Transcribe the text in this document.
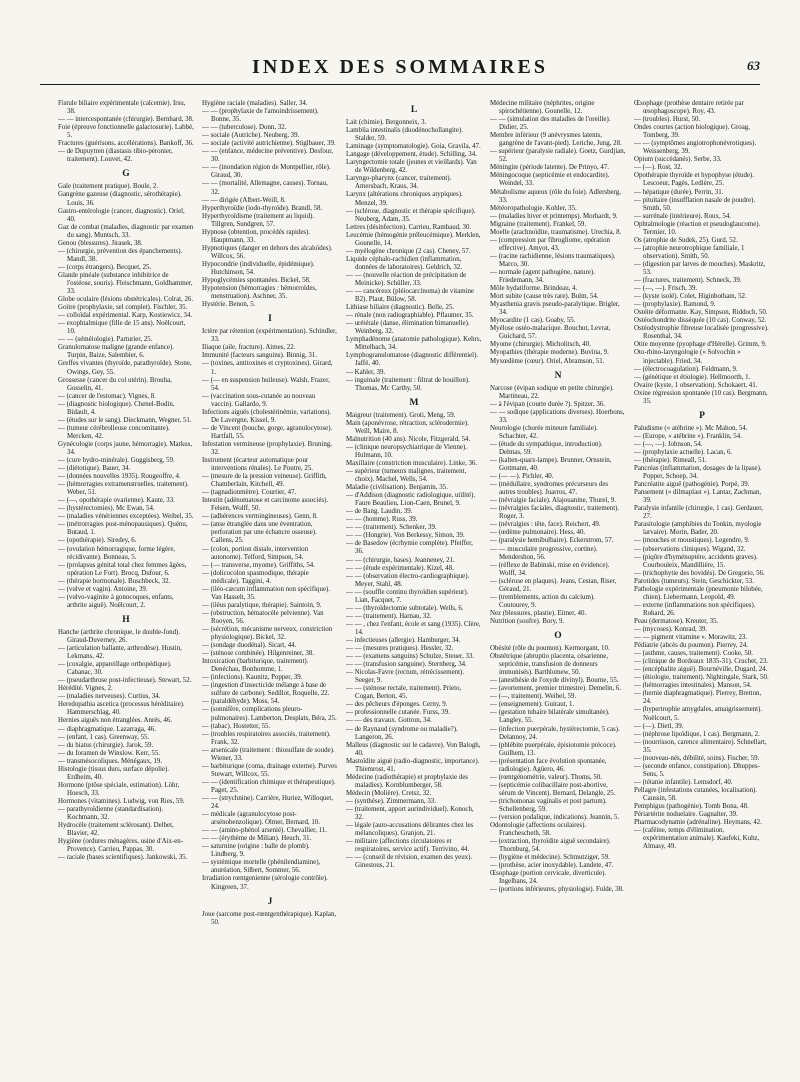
INDEX DES SOMMAIRES	63
Fistule biliaire expérimentale (calcemie). Irsu, 38.
— — intercespontanée (chirurgie). Bernhard, 38.
Foie (épreuve fonctionnelle galactosurie). Labbé, 5.
Fractures (guérisons, accélérations). Bankoff, 36.
— de Dupuytren (diastasis tibio-péronier, traitement). Louvet, 42.
G
Gale (traitement pratique). Boule, 2.
Gangrène gazeuse (diagnostic, sérothérapie). Louis, 36.
Gastro-entérologie (cancer, diagnostic). Oriel, 40.
Gaz de combat (maladies, diagnostic par examen du sang). Muntsch, 33.
Genou (blessures). Jirasek, 38.
— (chirurgie, prévention des épanchements). Mandl, 38.
— (corps étrangers). Becquet, 25.
Glande pinéale (substance inhibitrice de l'ostéose, souris). Fleischmann, Goldhammer, 33.
Globe oculaire (lésions obstétricales). Colrat, 26.
Goitre (prophylaxie, sel complet). Fischler, 35.
— colloïdal expérimental. Karp, Kostiewicz, 34.
— exophtalmique (fille de 15 ans). Noëlcourt, 10.
— — (séméiologie). Parturier, 25.
Granulomatose maligne (grande enfance). Turpin, Baize, Salembier, 6.
Greffes vivantes (thyroïde, parathyroïde). Stone, Owings, Gey, 55.
Grossesse (cancer du col utérin). Brouha, Gosselin, 41.
— (cancer de l'estomac). Vignes, 8.
— (diagnostic biologique). Chenel-Bodin, Bidault, 4.
— (études sur le sang). Dieckmann, Wegner, 51.
— (tumeur cérébrolleuse concomitante). Mercken, 42.
Gynécologie (corps jaune, hémorragie). Markus, 34.
— (cure hydro-minérale). Guggisberg, 59.
— (diétotique). Bauer, 34.
— (données nouvelles 1935). Rougeoffre, 4.
— (hémorragies extramenstruelles, traitement). Weber, 51.
— (—, opothérapie ovarienne). Kaute, 33.
— (hystérectomies). Mc Ewan, 54.
— (maladies vénériennes exceptées). Weibel, 35.
— (métrorragies post-ménopausiques). Quénu, Butaud, 1.
— (opothérapie). Siredey, 6.
— (ovulation hémorragique, forme légère, récidivante). Bonneau, 5.
— (prolapsus génital total chez femmes âgées, opération Le Fort). Brocq, Dufour, 6.
— (thérapie hormonale). Buschbeck, 32.
— (vulve et vagin). Antoine, 39.
— (vulvo-vaginite à gonocoques, enfants, arthrite aiguë). Noëlcourt, 2.
H
Hanche (arthrite chronique, le double-fond). Giraud-Duverney, 26.
— (articulation ballante, arthrodèse). Hustin, Lekmans, 42.
— (coxalgie, appareillage orthopédique). Cabanac, 30.
— (pseudarthrose post-infectieuse). Stewart, 52.
Hérédité. Vignes, 2.
— (maladies nerveuses). Curtius, 34.
Heredopathia ascetica (processus héréditaire). Hammerschlag, 40.
Hernies aiguës non étranglées. Anrés, 46.
— diaphragmatique. Lazarraga, 46.
— (enfant, 1 cas). Greenway, 55.
— du hiatus (chirurgie). Jarok, 59.
— du foramen de Winslow. Kerr, 55.
— transmésocoliques. Ménégaux, 19.
Histologie (tissus durs, surface dépolie). Erdheim, 40.
Hormone (ptôse spéciale, estimation). Löhr, Hoesch, 33.
Hormones (vitamines). Ludwig, von Ries, 59.
— parathyroïdienne (standardisation). Kochmann, 32.
Hydrocèle (traitement sclérosant). Delbet, Blavier, 42.
Hygiène (ordures ménagères, usine d'Aix-en-Provence). Carrieu, Pappas, 30.
— raciale (bases scientifiques). Jankowski, 35.
Hygiène raciale (maladies). Saller, 34.
— — (prophylaxie de l'amoindrissement). Bonne, 35.
— — (tuberculose). Donn, 32.
— sociale (Autriche). Neuberg, 39.
— sociale (activité autrichienne). Stiglbauer, 39.
— — (enfance, médecine préventive). Desfour, 30.
— — (inondation région de Montpellier, rôle). Giraud, 30.
— — (mortalité, Allemagne, causes). Tornau, 32.
— — dirigée (Albert-Weill, 8.
Hyperthyroïdie (iodo-thyroïde). Brandl, 58.
Hyperthyroïdisme (traitement au liquid). Tillgren, Sundgren, 57.
Hypnose (obtention, procédés rapides). Hauptmann, 33.
Hypnotiques (danger en dehors des alcaloïdes). Willcox, 56.
Hypocondrie (individuelle, épidémique). Hutchinson, 54.
Hypoglycémies spontanées. Bickel, 58.
Hypotension (hémorragies : hémorroïdes, menstruation). Aschner, 35.
Hystérie. Benon, 5.
I
Ictère par rétention (expérimentation). Schindler, 33.
Iliaque (aile, fracture). Aimes, 22.
Immunité (facteurs sanguins). Binnig, 31.
— (toxines, antitoxines et cryptoxines). Girard, 1.
— (— en suspension huileuse). Walsh, Frazer, 54.
— (vaccination sous-cutanée au nouveau vaccin). Gallardo, 9.
Infections aiguës (cholestérinémie, variations). De Lavergne, Kissel, 9.
— de Vincent (bouche, gorge, agranulocytose). Hartfall, 55.
Infestation vermineuse (prophylaxie). Bruning, 32.
Instrument (écarteur automatique pour interventions rénales). Le Poutre, 25.
— (mesure de la pression veineuse). Griffith, Chamberlain, Kitchell, 49.
— (tagnadionmètre). Courtier, 47.
Intestin (adénomatose et carcinome associés). Felsen, Wolff, 50.
— (adhérences vermingineuses). Genn, 8.
— (anse étranglée dans une éventration, perforation par une échancre osseuse). Callens, 25.
— (colon, portion distale, intervention autonome). Telford, Simpson, 54.
— (— transverse, myome). Griffiths, 54.
— (dolicocolon spasmodique, thérapie médicale). Taggini, 4.
— (iléo-cæcum inflammation non spécifique). Van Hasselt, 35.
— (iléus paralytique, thérapie). Saintoin, 9.
— (obstruction, hématocèle pelvienne). Van Rooyen, 56.
— (sécrétion, mécanisme nerveux, constriction physiologique). Bickel, 32.
— (sondage duodénal). Sicart, 44.
— (sténose combinée). Hilgenreiner, 38.
Intoxication (barbiturique, traitement). Denéchau, Bonhomme, 1.
— (infections). Kaunitz, Popper, 39.
— (ingestion d'insecticide mélange à base de sulfure de carbone). Sedillot, Roquelle, 22.
— (paraldéhyde). Moss, 54.
— (sonnifère, complications pleuro-pulmonaires). Lamberton, Desplats, Béra, 25.
— (tabac). Hostetter, 55.
— (troubles respiratoires associés, traitement). Frank, 32.
— arsenicale (traitement : thiosulfate de soude). Wiener, 33.
— barbiturique (coma, drainage externe). Purves Stewart, Willcox, 55.
— — (identification chimique et thérapeutique). Paget, 25.
— — (strychnine). Carrière, Huriez, Willoquet, 24.
— médicale (agranulocytose post-arsénobenzolique). Olmer, Bernard, 10.
— — (amino-phénol arsenié). Chevallier, 11.
— — (érythème de Milian). Heuch, 31.
— saturnine (origine : balle de plomb). Lindberg, 9.
— systémique mortelle (phénilendiamine), anuréation, Silbert, Sommer, 56.
Irradiation rœntgenienne (sérologie contrôle). Kingreen, 37.
J
Joue (sarcome post-rœntgenthérapique). Kaplan, 50.
L
Lait (chimie). Bergonneix, 3.
Lamblia intestinalis (duodénochollangite). Stalder, 59.
Laminage (symptomatologie). Goia, Gravila, 47.
Langage (développement, étude). Schilling, 34.
Laryngectomie totale (jeunes et vieillards). Van de Wildenberg, 42.
Laryngo-pharynx (cancer, traitement). Amersbach, Kraus, 34.
Larynx (altérations chroniques atypiques). Menzel, 39.
— (sclérose, diagnostic et thérapie spécifique). Neuberg, Adam, 35.
Lettres (désinfection). Carrieu, Rambaud, 30.
Leucémie (hémogénie préleucémique). Merklen, Gounelle, 14.
— myélogène chronique (2 cas). Cheney, 57.
Liquide céphalo-rachidien (inflammation, données de laboratoires). Geldrich, 32.
— — (nouvelle réaction de précipitation de Meinicke). Schüller, 33.
— — cancéreux (pléiocarcinoma) de vitamine B2). Plaut, Bülow, 58.
Lithiase biliaire (diagnostic). Belle, 25.
— rénale (non radiographiable). Pflaumer, 35.
— urétérale (danse, élimination bimanuelle). Weinberg, 32.
Lymphadénome (anatomie pathologique). Kehrs, Mittelbach, 34.
Lymphogranulomatose (diagnostic différentiel). Jaffé, 40.
— Kahler, 39.
— inguinale (traitement : filtrat de bouillon). Thomas, Mc Carthy, 50.
M
Maigreur (traitement). Groti, Meng, 59.
Main (aponévrose, rétraction, sclérodermie). Weill, Maire, 8.
Malnutrition (40 ans). Nicole, Fitzgerald, 54.
— (clinique neuropsychiatrique de Vienne). Hulmann, 10.
Maxillaire (constriction musculaire). Linke, 36.
— supérieur (tumeurs malignes, traitement, choix). Machel, Wells, 54.
Maladie (civilisation). Benjamin, 35.
— d'Addison (diagnostic radiologique, utilité). Faure Beaulieu, Lion-Caen, Brunel, 9.
— de Bang. Laudin, 39.
— — (homme). Russ, 39.
— — (traitement). Schenker, 39.
— — (Hongrie). Von Berkessy, Simon, 39.
— de Basedow (écrhymie complète). Pfeiffer, 36.
— — (chirurgie, bases). Jeanneney, 21.
— — (étude expérimentale). Kizel, 48.
— — (observation électro-cardiographique). Meyer, Stahl, 48.
— — (souffle continu thyroïdien supérieur). Lian, Facquet, 7.
— — (thyroïdectomie subtotale). Wells, 6.
— — (traitement). Harnau, 32.
— — , chez l'enfant, école et sang (1935). Clère, 14.
— infectieuses (allergie). Hamburger, 34.
— — (mesures pratiques). Hessler, 32.
— — (examens sanguins) Schulze, Steuer, 33.
— — (transfusion sanguine). Sternberg, 34.
— Nicolas-Favre (rectum, rétrécissement). Seeger, 9.
— — (sténose rectale, traitement). Prieto, Cogan, Berton, 45.
— des pêcheurs d'éponges. Cerny, 9.
— professionnelle cutanée. Furss, 39.
— — des travaux. Gottron, 34.
— de Raynaud (syndrome ou maladie?). Langeron, 26.
Malleus (diagnostic sur le cadavre). Von Balogh, 40.
Mastoïdite aiguë (radio-diagnostic, importance). Thiemrost, 41.
Médecine (radiothérapie) et prophylaxie des maladies). Kornblumberger, 58.
Médecin (Molière). Cretsz, 32.
— (synthèse). Zimmermann, 33.
— (traitement, apport aurindividuel). Konoch, 32.
— légale (auto-accusations délirantes chez les mélancoliques). Granjon, 21.
— militaire (affections circulatoires et respiratoires, service actif). Terrivino, 44.
— — (conseil de révision, examen des yeux). Ginestous, 21.
Médecine militaire (néphrites, origine spirochétienne). Gounelle, 12.
— — (simulation des maladies de l'oreille). Didier, 25.
Membre inférieur (9 anévrysmes latents, gangrène de l'avant-pied). Leriche, Jung, 28.
— supérieur (paralysie radiale). Goetz, Gurdjian, 52.
Méningite (période latente). De Prinyo, 47.
Méningocoque (septicémie et endocardite). Weindel, 33.
Métabolisme aqueux (rôle du foie). Adlersberg, 33.
Météoropathologie. Kohler, 35.
— (maladies hiver et printemps). Morhardt, 9.
Migraine (traitement). Frankel, 59.
Moelle (arachnoïdite, traumatisme). Urechia, 8.
— (compression par fibrogliome, opération effective). Amyot, 43.
— (racine rachidienne, lésions traumatiques). Marco, 30.
— normale (agent pathogène, nature). Friedemann, 34.
Môle hydatiforme. Brindeau, 4.
Mort subite (cause très rare). Bulm, 54.
Myasthenia gravis pseudo-paralytique. Brigler, 34.
Myocardite (1 cas). Goaby, 55.
Myélose ostéo-malacique. Bouchut, Levrat, Guichard, 57.
Myome (chirurgie). Micholitsch, 40.
Myopathies (thérapie moderne). Buvina, 9.
Myxœdème (cœur). Oriel, Abramson, 51.
N
Narcose (évipan sodique en petite chirurgie). Martineau, 22.
— à l'évipan (courte durée ?). Spitzer, 36.
— — sodique (applications diverses). Hoerbons, 33.
Neurologie (chorée mineure familiale). Schachter, 42.
— (étude du sympathique, introduction). Delmas, 59.
— (kalten-quarz-lampe). Brunner, Ornstein, Gottmann, 40.
— (— —). Pichler, 40.
— (médullaire, syndromes précurseurs des autres troubles). Juarros, 47.
— (névralgie faciale). Alajouanine, Thurel, 9.
— (névralgies faciales, diagnostic, traitement). Roger, 3.
— (névralgies : tête, face). Reichert, 49.
— (œdème pulmonaire). Hess, 40.
— (paralysie hemibulbaire). Eckerstrom, 57.
— — musculaire progressive, cortine). Mendershon, 56.
— (réflexe de Babinski, mise en évidence). Wolff, 34.
— (sclérose en plaques). Jeans, Cestan, Riser, Géraud, 21.
— (tremblements, action du calcium). Coutourey, 9.
Nez (blessures, plastie). Eitner, 40.
Nutrition (soufre). Bory, 9.
O
Obésité (rôle du poumon). Kermorgant, 10.
Obstétrique (abruptio placenta, césarienne, septicémie, transfusion de donneurs immunisés). Barthlomew, 50.
— (anesthésie de l'oxyde divinyl). Bourne, 55.
— (avortement, premier trimestre). Demelin, 6.
— (—, traitement). Weibel, 59.
— (enseignement). Guiraut, 1.
— (gestation tubaire bilatérale simultanée). Langley, 55.
— (infection puerpérale, hystérectomie, 5 cas). Delannoy, 24.
— (phlébite puerpérale, épisiotomie précoce). Guilhem, 13.
— (présentation face évolution spontanée, radiologie). Agüero, 46.
— (rœntgénométrie, valeur). Thoms, 50.
— (septicémie colibacillaire post-abortive, sérum de Vincent). Bernard, Delangle, 25.
— (trichomonas vaginalis et post partum). Schellenberg, 59.
— (version podalique, indications). Jeannin, 5.
Odontologie (affections oculaires). Franchescheth, 58.
— (extraction, thyroïdite aiguë secondaire). Thornburg, 54.
— (hygiène et médecine). Schmutziger, 59.
— (prothèse, acier inoxydable). Landete, 47.
Œsophage (portion cervicale, diverticule). Ingelbans, 24.
— (portions inférieures, physiologie). Fulde, 38.
Œsophage (prothèse dentaire retirée par œsophagoscope). Roy, 43.
— (troubles). Hurst, 50.
Ondes courtes (action biologique). Groag, Tomberg, 39.
— — (symptômes angiotrophonévrotiques). Weissenberg, 39.
Opium (succédanés). Serbe, 33.
— (—). Rost, 32.
Opothérapie thyroïde et hypophyse (étude). Lescoeur, Pagès, Ledière, 25.
— hépatique (durée). Perrin, 31.
— pituitaire (insufflation nasale de poudre). Smith, 50.
— surrénale (intérieure). Roux, 54.
Ophtalmologie (réaction et pseudoglaucome). Termier, 10.
Os (atrophie de Sudek, 25). Gurd, 52.
— (atrophie neurotrophique familiale, 1 observation). Smith, 50.
— (digestion par larves de mouches). Maskritz, 53.
— (fractures, traitement). Schneck, 39.
— (—, —). Frisch, 39.
— (kyste isolé). Colet, Higinbotham, 52.
— (prophylaxie). Ramond, 9.
Ostéite déformante. Kay, Simpson, Riddoch, 50.
Ostéochondrite disséquée (10 cas). Conway, 52.
Ostéodystrophie fibreuse localisée (progressive). Rosenthal, 34.
Otite moyenne (pyophage d'Hérelle). Grimm, 9.
Oto-rhino-laryngologie (« Solvochin » injectable). Fried, 34.
— (électrocoagulation). Feldmann, 9.
— (génétique et étiologie). Hellmoorth, 1.
Ovaire (kyste, 1 observation). Schokaert, 41.
Oxine régression spontanée (10 cas). Bergmann, 35.
P
Paludisme (« atébrine »). Mc Mahon, 54.
— (Europe, « atébrine »). Franklin, 54.
— (—, —). Johnson, 54.
— (prophylaxie actuelle). Lacan, 6.
— (thérapie). Rimeall, 51.
Pancréas (inflammation, dosages de la lipase). Popper, Schoep, 34.
Pancréatite aiguë (pathogénie). Porpé, 39.
Pansement (« dilmaplast »). Lantar, Zachman, 39.
Paralysie infantile (chirurgie, 1 cas). Gerdauer, 27.
Parasitologie (amphibies du Tonkin, myologie larvaire). Morin, Bader, 20.
— (mouches et moustiques). Legendre, 9.
— (observations cliniques). Wigand, 32.
— (piqûre d'hyménoptère, accidents graves). Courbouleix, Mandillière, 15.
— (trichophytie des bovidés). De Gregorio, 56.
Parotides (tumeurs). Stein, Geschickter, 53.
Pathologie expérimentale (pneumonie bilobée, chien). Liebermann, Leopold, 49.
— externe (inflammations non spécifiques). Rohard, 26.
Peau (dermatose). Kreuter, 35.
— (mycoses). Konrad, 39.
— — pigment vitamine ». Morawitz, 23.
Pédiatrie (abcès du poumon). Pierrey, 24.
— (asthme, causes, traitement). Cooke, 50.
— (clinique de Bordeaux 1835-31). Cruchet, 23.
— (encéphalite aiguë). Bournéville, Dugard, 24.
— (étiologie, traitement). Nightingale, Stark, 50.
— (hémorragies intestinales). Manson, 54.
— (hernie diaphragmatique). Pierrey, Bretton, 24.
— (hypertrophie amygdales, amaigrissement). Noëlcourt, 5.
— (—). Dietl, 39.
— (néphrose lipoïdique, 1 cas). Bergmann, 2.
— (nourrisson, carence alimentaire). Schnellart, 35.
— (nouveau-nés, débilité, soins). Fischer, 59.
— (seconde enfance, constipation). Dhuppes-Sens, 5.
— (tétanie infantile). Lemsdorf, 40.
Pellagre (infestations cutanées, localisation). Caussin, 58.
Pemphigus (pathogénie). Tomb Bona, 48.
Périartérite noduelaire. Gagnalter, 39.
Pharmacodynamie (adrénaline). Heymans, 42.
— (caféine, temps d'élimination, expérimentation animale). Kaufeki, Kuhz, Almasy, 49.
